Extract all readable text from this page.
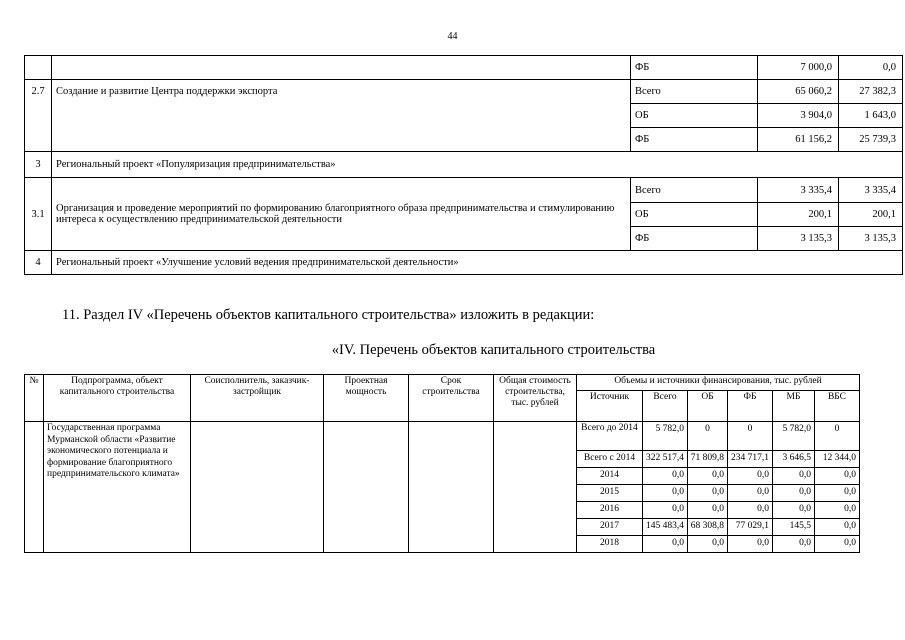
44
		ФБ	7 000,0	0,0
2.7	Создание и развитие Центра поддержки экспорта	Всего	65 060,2	27 382,3
		ОБ	3 904,0	1 643,0
		ФБ	61 156,2	25 739,3
3	Региональный проект «Популяризация предпринимательства»			
3.1	Организация и проведение мероприятий по формированию благоприятного образа предпринимательства и стимулированию интереса к осуществлению предпринимательской деятельности	Всего	3 335,4	3 335,4
		ОБ	200,1	200,1
		ФБ	3 135,3	3 135,3
4	Региональный проект «Улучшение условий ведения предпринимательской деятельности»			
11. Раздел IV «Перечень объектов капитального строительства» изложить в редакции:
«IV. Перечень объектов капитального строительства
№	Подпрограмма, объект капитального строительства	Соисполнитель, заказчик-застройщик	Проектная мощность	Срок строительства	Общая стоимость строительства, тыс. рублей	Объемы и источники финансирования, тыс. рублей					
						Источник	Всего	ОБ	ФБ	МБ	ВБС
	Государственная программа Мурманской области «Развитие экономического потенциала и формирование благоприятного предпринимательского климата»					Всего до 2014	5 782,0	0	0	5 782,0	0
						Всего с 2014	322 517,4	71 809,8	234 717,1	3 646,5	12 344,0
						2014	0,0	0,0	0,0	0,0	0,0
						2015	0,0	0,0	0,0	0,0	0,0
						2016	0,0	0,0	0,0	0,0	0,0
						2017	145 483,4	68 308,8	77 029,1	145,5	0,0
						2018	0,0	0,0	0,0	0,0	0,0
